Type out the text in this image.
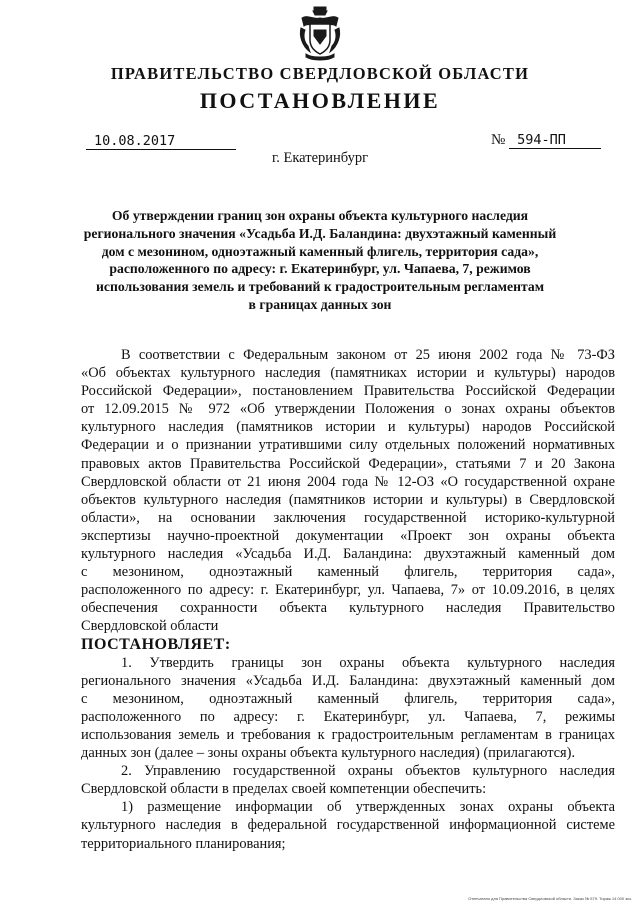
ПРАВИТЕЛЬСТВО СВЕРДЛОВСКОЙ ОБЛАСТИ
ПОСТАНОВЛЕНИЕ
10.08.2017	№ 594-ПП
г. Екатеринбург
Об утверждении границ зон охраны объекта культурного наследия
регионального значения «Усадьба И.Д. Баландина: двухэтажный каменный
дом с мезонином, одноэтажный каменный флигель, территория сада»,
расположенного по адресу: г. Екатеринбург, ул. Чапаева, 7, режимов
использования земель и требований к градостроительным регламентам
в границах данных зон
В соответствии с Федеральным законом от 25 июня 2002 года № 73-ФЗ
«Об объектах культурного наследия (памятниках истории и культуры) народов
Российской Федерации», постановлением Правительства Российской Федерации
от 12.09.2015 № 972 «Об утверждении Положения о зонах охраны объектов
культурного наследия (памятников истории и культуры) народов Российской
Федерации и о признании утратившими силу отдельных положений нормативных
правовых актов Правительства Российской Федерации», статьями 7 и 20 Закона
Свердловской области от 21 июня 2004 года № 12-ОЗ «О государственной охране
объектов культурного наследия (памятников истории и культуры) в Свердловской
области», на основании заключения государственной историко-культурной
экспертизы научно-проектной документации «Проект зон охраны объекта
культурного наследия «Усадьба И.Д. Баландина: двухэтажный каменный дом
с мезонином, одноэтажный каменный флигель, территория сада»,
расположенного по адресу: г. Екатеринбург, ул. Чапаева, 7» от 10.09.2016, в целях
обеспечения сохранности объекта культурного наследия Правительство
Свердловской области
ПОСТАНОВЛЯЕТ:
1. Утвердить границы зон охраны объекта культурного наследия
регионального значения «Усадьба И.Д. Баландина: двухэтажный каменный дом
с мезонином, одноэтажный каменный флигель, территория сада»,
расположенного по адресу: г. Екатеринбург, ул. Чапаева, 7, режимы
использования земель и требования к градостроительным регламентам в границах
данных зон (далее – зоны охраны объекта культурного наследия) (прилагаются).
2. Управлению государственной охраны объектов культурного наследия
Свердловской области в пределах своей компетенции обеспечить:
1) размещение информации об утвержденных зонах охраны объекта
культурного наследия в федеральной государственной информационной системе
территориального планирования;
Отпечатано для Правительства Свердловской области. Заказ № 579. Тираж 14 000 экз.
